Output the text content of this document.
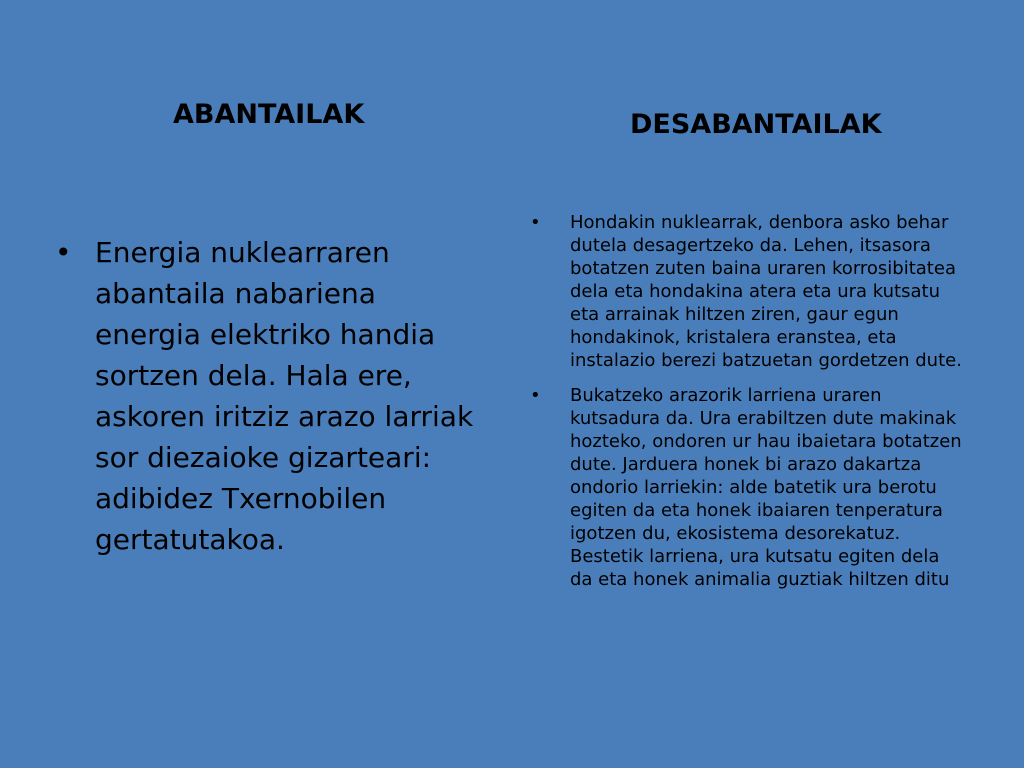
ABANTAILAK	DESABANTAILAK
• Energia nuklearraren abantaila nabariena energia elektriko handia sortzen dela. Hala ere, askoren iritziz arazo larriak sor diezaioke gizarteari: adibidez Txernobilen gertatutakoa.
• Hondakin nuklearrak, denbora asko behar dutela desagertzeko da. Lehen, itsasora botatzen zuten baina uraren korrosibitatea dela eta hondakina atera eta ura kutsatu eta arrainak hiltzen ziren, gaur egun hondakinok, kristalera eranstea, eta instalazio berezi batzuetan gordetzen dute.
• Bukatzeko arazorik larriena uraren kutsadura da. Ura erabiltzen dute makinak hozteko, ondoren ur hau ibaietara botatzen dute. Jarduera honek bi arazo dakartza ondorio larriekin: alde batetik ura berotu egiten da eta honek ibaiaren tenperatura igotzen du, ekosistema desorekatuz. Bestetik larriena, ura kutsatu egiten dela da eta honek animalia guztiak hiltzen ditu
